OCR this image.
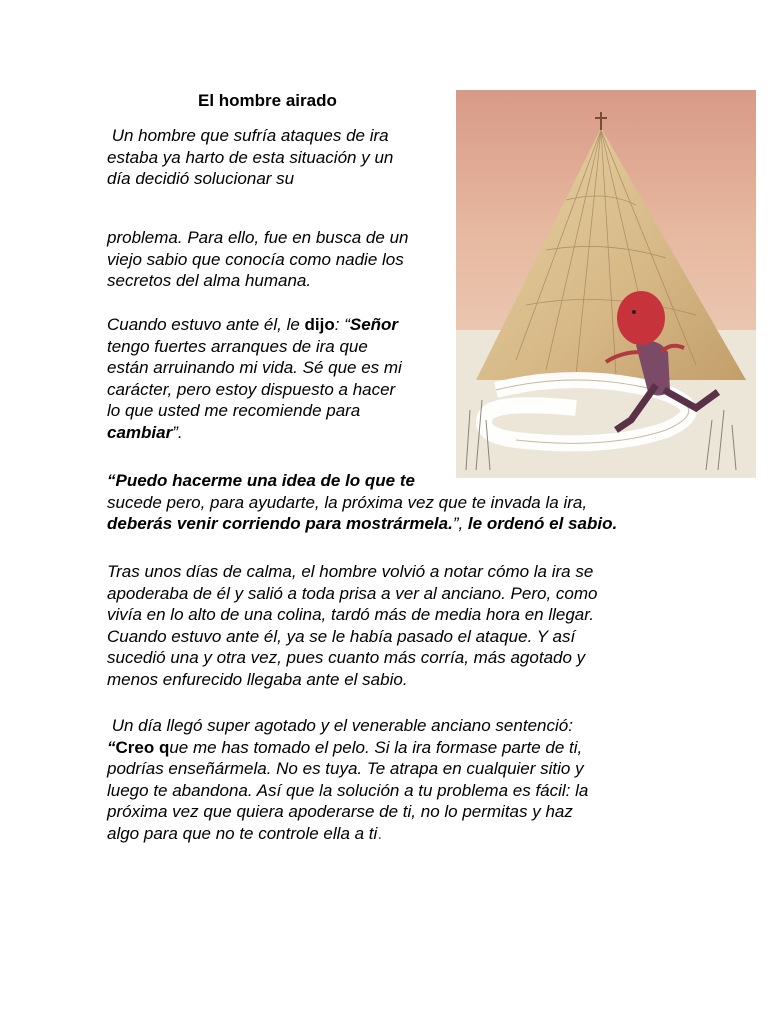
El hombre airado

Un hombre que sufría ataques de ira
estaba ya harto de esta situación y un
día decidió solucionar su

problema. Para ello, fue en busca de un
viejo sabio que conocía como nadie los
secretos del alma humana.

Cuando estuvo ante él, le dijo: “Señor
tengo fuertes arranques de ira que
están arruinando mi vida. Sé que es mi
carácter, pero estoy dispuesto a hacer
lo que usted me recomiende para
cambiar”.

“Puedo hacerme una idea de lo que te
sucede pero, para ayudarte, la próxima vez que te invada la ira,
deberás venir corriendo para mostrármela.”, le ordenó el sabio.

Tras unos días de calma, el hombre volvió a notar cómo la ira se
apoderaba de él y salió a toda prisa a ver al anciano. Pero, como
vivía en lo alto de una colina, tardó más de media hora en llegar.
Cuando estuvo ante él, ya se le había pasado el ataque. Y así
sucedió una y otra vez, pues cuanto más corría, más agotado y
menos enfurecido llegaba ante el sabio.

Un día llegó super agotado y el venerable anciano sentenció:
“Creo que me has tomado el pelo. Si la ira formase parte de ti,
podrías enseñármela. No es tuya. Te atrapa en cualquier sitio y
luego te abandona. Así que la solución a tu problema es fácil: la
próxima vez que quiera apoderarse de ti, no lo permitas y haz
algo para que no te controle ella a ti.
